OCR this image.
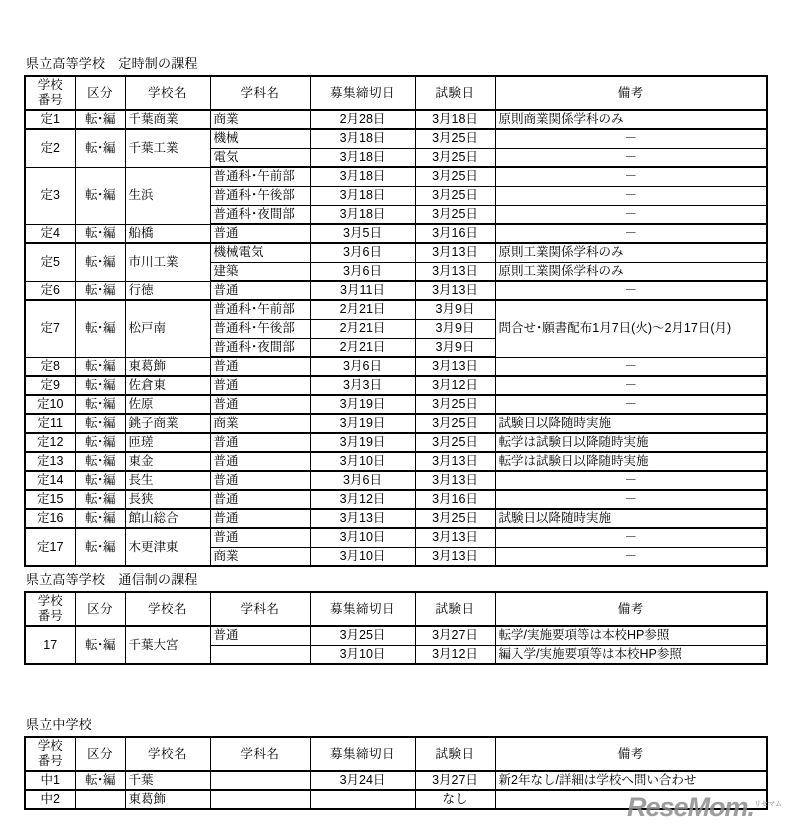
県立高等学校　定時制の課程
学校
番号	区分	学校名	学科名	募集締切日	試験日	備考
定1	転･編	千葉商業	商業	2月28日	3月18日	原則商業関係学科のみ
定2	転･編	千葉工業	機械	3月18日	3月25日	－
			電気	3月18日	3月25日	－
定3	転･編	生浜	普通科･午前部	3月18日	3月25日	－
			普通科･午後部	3月18日	3月25日	－
			普通科･夜間部	3月18日	3月25日	－
定4	転･編	船橋	普通	3月5日	3月16日	－
定5	転･編	市川工業	機械電気	3月6日	3月13日	原則工業関係学科のみ
			建築	3月6日	3月13日	原則工業関係学科のみ
定6	転･編	行徳	普通	3月11日	3月13日	－
定7	転･編	松戸南	普通科･午前部	2月21日	3月9日	問合せ･願書配布1月7日(火)～2月17日(月)
			普通科･午後部	2月21日	3月9日	
			普通科･夜間部	2月21日	3月9日	
定8	転･編	東葛飾	普通	3月6日	3月13日	－
定9	転･編	佐倉東	普通	3月3日	3月12日	－
定10	転･編	佐原	普通	3月19日	3月25日	－
定11	転･編	銚子商業	商業	3月19日	3月25日	試験日以降随時実施
定12	転･編	匝瑳	普通	3月19日	3月25日	転学は試験日以降随時実施
定13	転･編	東金	普通	3月10日	3月13日	転学は試験日以降随時実施
定14	転･編	長生	普通	3月6日	3月13日	－
定15	転･編	長狭	普通	3月12日	3月16日	－
定16	転･編	館山総合	普通	3月13日	3月25日	試験日以降随時実施
定17	転･編	木更津東	普通	3月10日	3月13日	－
			商業	3月10日	3月13日	－
県立高等学校　通信制の課程
学校
番号	区分	学校名	学科名	募集締切日	試験日	備考
17	転･編	千葉大宮	普通	3月25日	3月27日	転学/実施要項等は本校HP参照
				3月10日	3月12日	編入学/実施要項等は本校HP参照
県立中学校
学校
番号	区分	学校名	学科名	募集締切日	試験日	備考
中1	転･編	千葉		3月24日	3月27日	新2年なし/詳細は学校へ問い合わせ
中2		東葛飾			なし		ReseMom.$^{リセマム}$
